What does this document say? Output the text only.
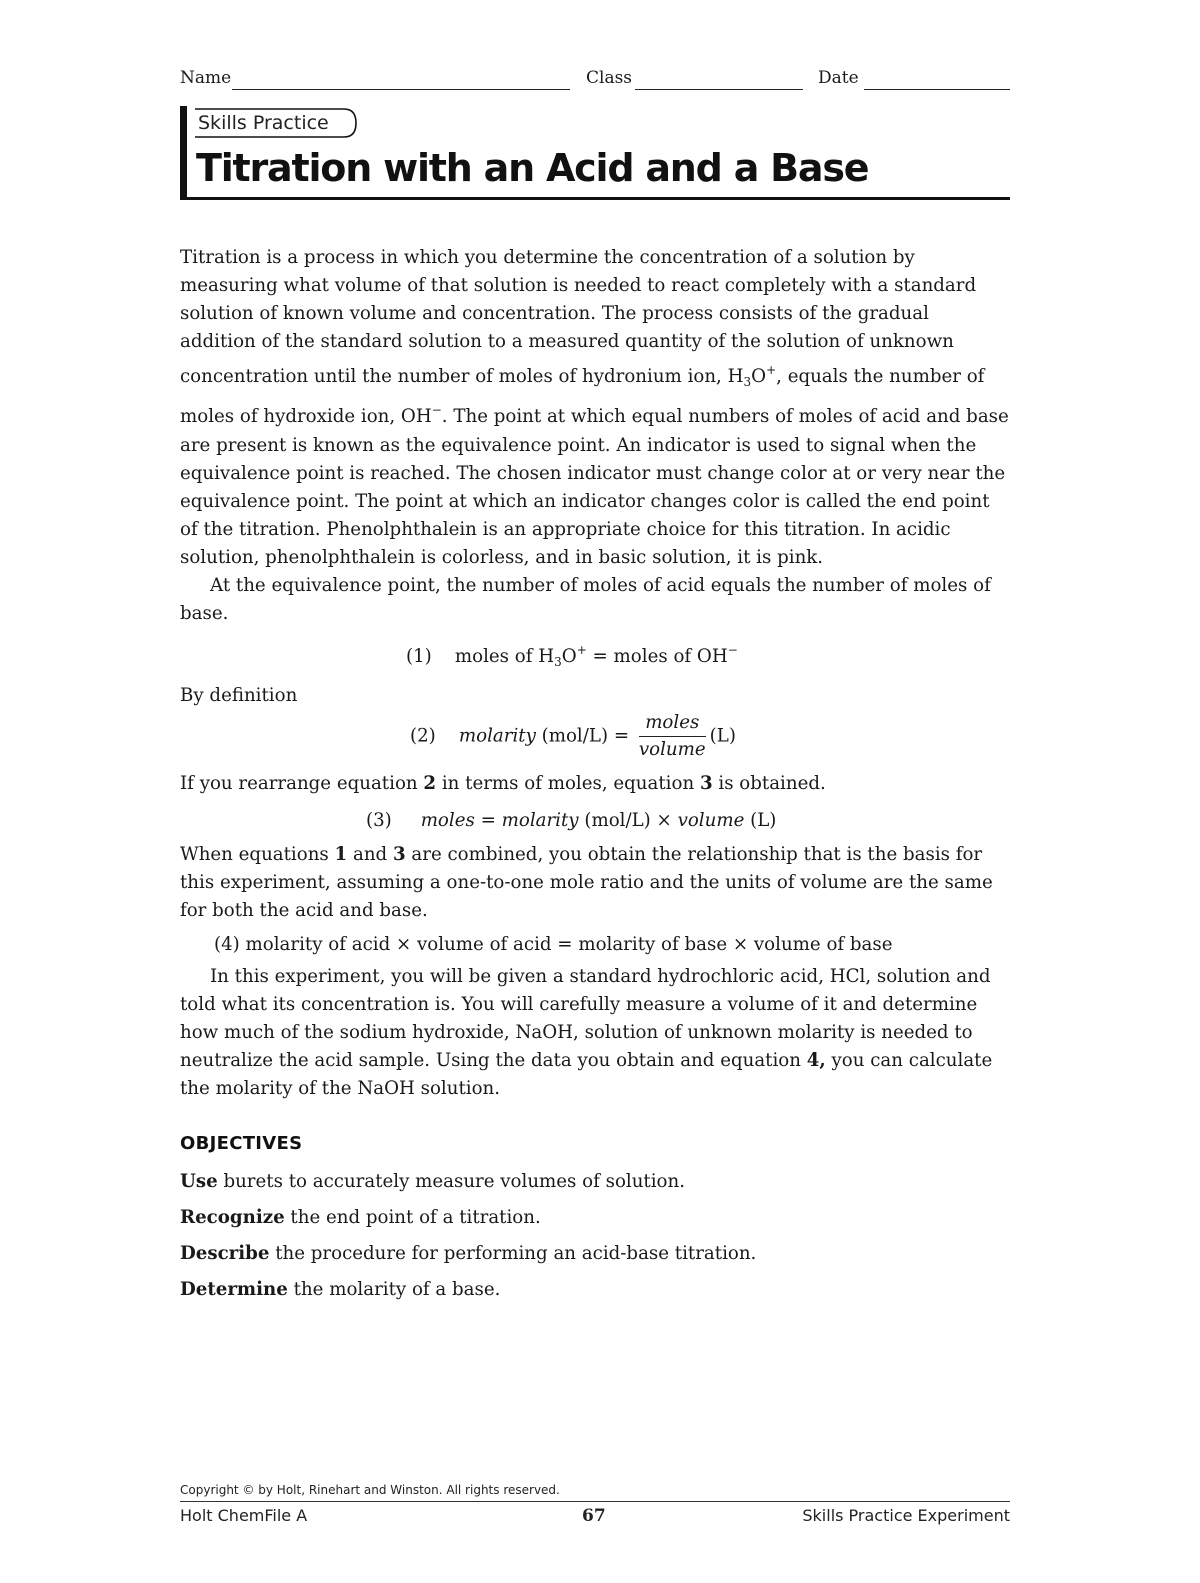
Name	Class	Date
Skills Practice
Titration with an Acid and a Base

Titration is a process in which you determine the concentration of a solution by measuring what volume of that solution is needed to react completely with a standard solution of known volume and concentration. The process consists of the gradual addition of the standard solution to a measured quantity of the solution of unknown concentration until the number of moles of hydronium ion, $H_3O^+$, equals the number of moles of hydroxide ion, OH−. The point at which equal numbers of moles of acid and base are present is known as the equivalence point. An indicator is used to signal when the equivalence point is reached. The chosen indicator must change color at or very near the equivalence point. The point at which an indicator changes color is called the end point of the titration. Phenolphthalein is an appropriate choice for this titration. In acidic solution, phenolphthalein is colorless, and in basic solution, it is pink.

At the equivalence point, the number of moles of acid equals the number of moles of base.

(1) moles of $H_3O^+$ = moles of OH−

By definition

(2) molarity $(mol/L) = \frac{\text{moles}}{\text{volume}} (L)$

If you rearrange equation 2 in terms of moles, equation 3 is obtained.

(3) moles = molarity (mol/L) × volume (L)

When equations 1 and 3 are combined, you obtain the relationship that is the basis for this experiment, assuming a one-to-one mole ratio and the units of volume are the same for both the acid and base.

(4) molarity of acid × volume of acid = molarity of base × volume of base

In this experiment, you will be given a standard hydrochloric acid, HCl, solution and told what its concentration is. You will carefully measure a volume of it and determine how much of the sodium hydroxide, NaOH, solution of unknown molarity is needed to neutralize the acid sample. Using the data you obtain and equation 4, you can calculate the molarity of the NaOH solution.

OBJECTIVES
Use burets to accurately measure volumes of solution.
Recognize the end point of a titration.
Describe the procedure for performing an acid-base titration.
Determine the molarity of a base.
Copyright © by Holt, Rinehart and Winston. All rights reserved.
Holt ChemFile A	67	Skills Practice Experiment
